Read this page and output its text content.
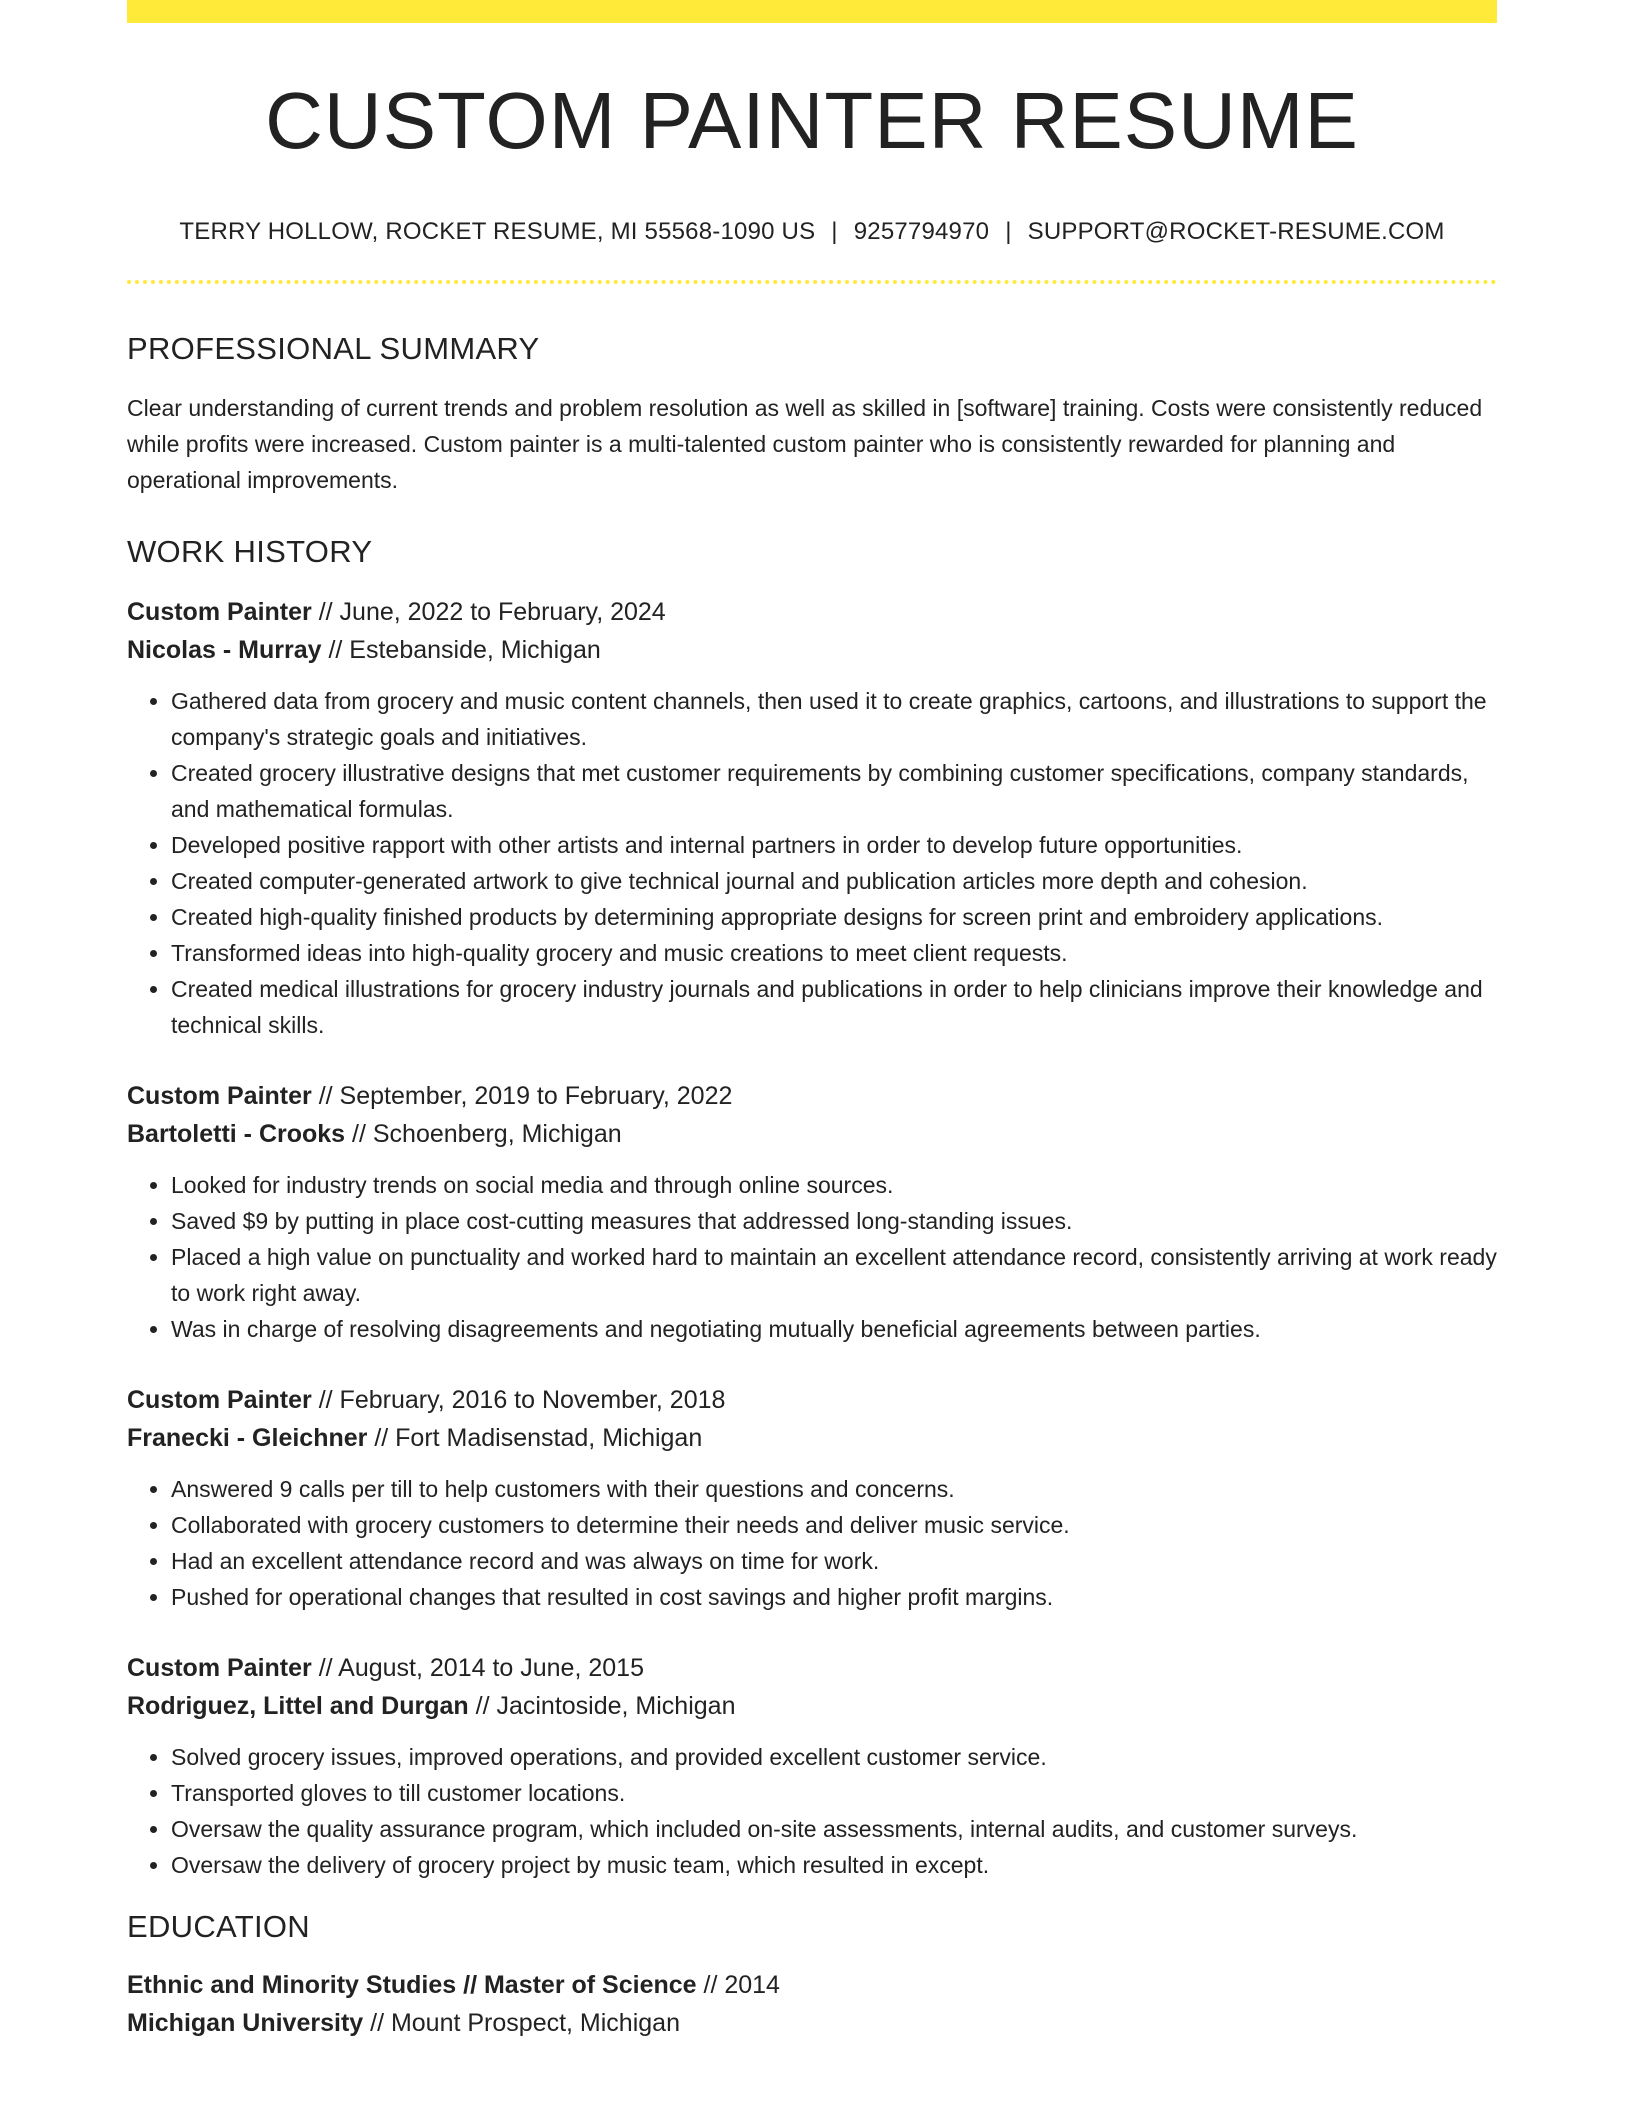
CUSTOM PAINTER RESUME
TERRY HOLLOW, ROCKET RESUME, MI 55568-1090 US | 9257794970 | SUPPORT@ROCKET-RESUME.COM
PROFESSIONAL SUMMARY

Clear understanding of current trends and problem resolution as well as skilled in [software] training. Costs were consistently reduced while profits were increased. Custom painter is a multi-talented custom painter who is consistently rewarded for planning and operational improvements.

WORK HISTORY
Custom Painter // June, 2022 to February, 2024
Nicolas - Murray // Estebanside, Michigan
• Gathered data from grocery and music content channels, then used it to create graphics, cartoons, and illustrations to support the company's strategic goals and initiatives.
• Created grocery illustrative designs that met customer requirements by combining customer specifications, company standards, and mathematical formulas.
• Developed positive rapport with other artists and internal partners in order to develop future opportunities.
• Created computer-generated artwork to give technical journal and publication articles more depth and cohesion.
• Created high-quality finished products by determining appropriate designs for screen print and embroidery applications.
• Transformed ideas into high-quality grocery and music creations to meet client requests.
• Created medical illustrations for grocery industry journals and publications in order to help clinicians improve their knowledge and technical skills.
Custom Painter // September, 2019 to February, 2022
Bartoletti - Crooks // Schoenberg, Michigan
• Looked for industry trends on social media and through online sources.
• Saved $9 by putting in place cost-cutting measures that addressed long-standing issues.
• Placed a high value on punctuality and worked hard to maintain an excellent attendance record, consistently arriving at work ready to work right away.
• Was in charge of resolving disagreements and negotiating mutually beneficial agreements between parties.
Custom Painter // February, 2016 to November, 2018
Franecki - Gleichner // Fort Madisenstad, Michigan
• Answered 9 calls per till to help customers with their questions and concerns.
• Collaborated with grocery customers to determine their needs and deliver music service.
• Had an excellent attendance record and was always on time for work.
• Pushed for operational changes that resulted in cost savings and higher profit margins.
Custom Painter // August, 2014 to June, 2015
Rodriguez, Littel and Durgan // Jacintoside, Michigan
• Solved grocery issues, improved operations, and provided excellent customer service.
• Transported gloves to till customer locations.
• Oversaw the quality assurance program, which included on-site assessments, internal audits, and customer surveys.
• Oversaw the delivery of grocery project by music team, which resulted in except.
EDUCATION
Ethnic and Minority Studies // Master of Science // 2014
Michigan University // Mount Prospect, Michigan
